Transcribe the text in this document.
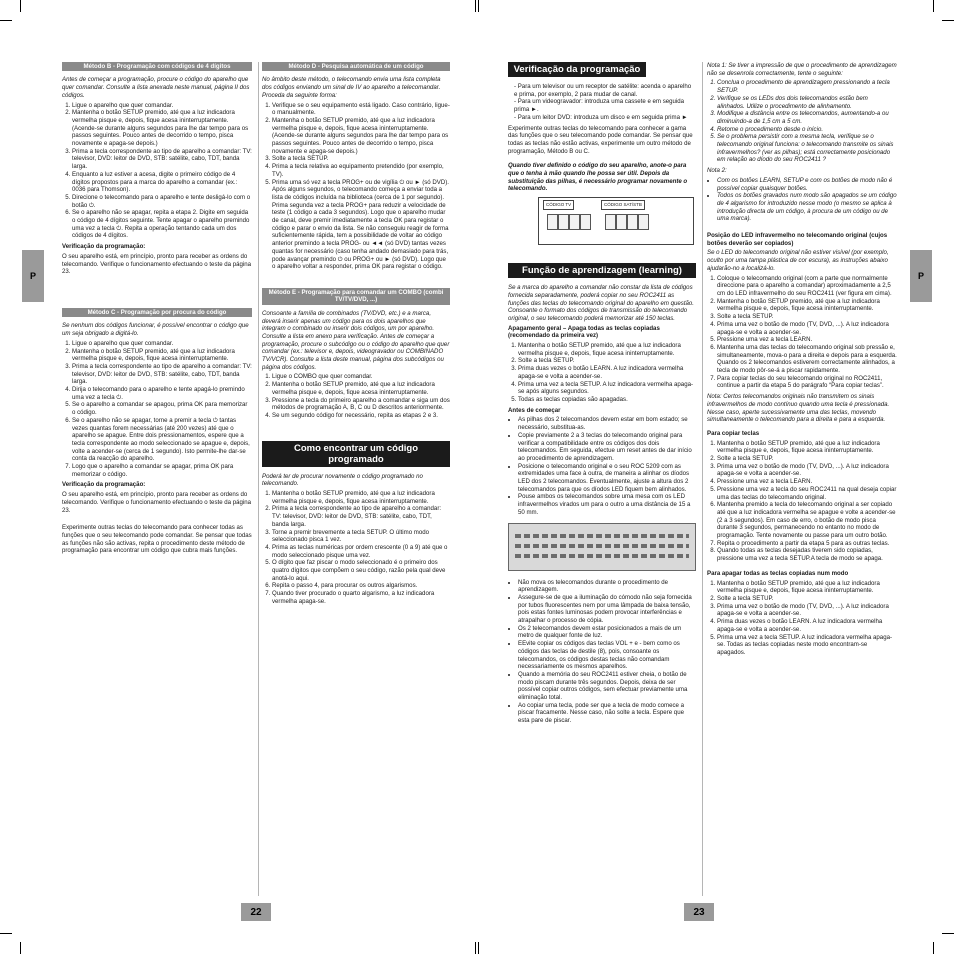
P	P
Método B - Programação com códigos de 4 dígitos

Antes de começar a programação, procure o código do aparelho que quer comandar. Consulte a lista anexada neste manual, página II dos códigos.

1. Ligue o aparelho que quer comandar.
2. Mantenha o botão SETUP premido, até que a luz indicadora vermelha pisque e, depois, fique acesa ininterruptamente. (Acende-se durante alguns segundos para lhe dar tempo para os passos seguintes. Pouco antes de decorrido o tempo, pisca novamente e apaga-se depois.)
3. Prima a tecla correspondente ao tipo de aparelho a comandar: TV: televisor, DVD: leitor de DVD, STB: satélite, cabo, TDT, banda larga.
4. Enquanto a luz estiver a acesa, digite o primeiro código de 4 dígitos propostos para a marca do aparelho a comandar (ex.: 0036 para Thomson).
5. Direcione o telecomando para o aparelho e tente desligá-lo com o botão ⏻.
6. Se o aparelho não se apagar, repita a etapa 2. Digite em seguida o código de 4 dígitos seguinte. Tente apagar o aparelho premindo uma vez a tecla ⏻. Repita a operação tentando cada um dos códigos de 4 dígitos.

Verificação da programação:

O seu aparelho está, em princípio, pronto para receber as ordens do telecomando. Verifique o funcionamento efectuando o teste da página 23.

Método C - Programação por procura do código

Se nenhum dos códigos funcionar, é possível encontrar o código que um seja obrigado a digitá-lo.

1. Ligue o aparelho que quer comandar.
2. Mantenha o botão SETUP premido, até que a luz indicadora vermelha pisque e, depois, fique acesa ininterruptamente.
3. Prima a tecla correspondente ao tipo de aparelho a comandar: TV: televisor, DVD: leitor de DVD, STB: satélite, cabo, TDT, banda larga.
4. Dirija o telecomando para o aparelho e tente apagá-lo premindo uma vez a tecla ⏻.
5. Se o aparelho a comandar se apagou, prima OK para memorizar o código.
6. Se o aparelho não se apagar, torne a premir a tecla ⏻ tantas vezes quantas forem necessárias (até 200 vezes) até que o aparelho se apague. Entre dois pressionamentos, espere que a tecla correspondente ao modo seleccionado se apague e, depois, volte a acender-se (cerca de 1 segundo). Isto permite-lhe dar-se conta da reacção do aparelho.
7. Logo que o aparelho a comandar se apagar, prima OK para memorizar o código.

Verificação da programação:

O seu aparelho está, em princípio, pronto para receber as ordens do telecomando. Verifique o funcionamento efectuando o teste da página 23.

Experimente outras teclas do telecomando para conhecer todas as funções que o seu telecomando pode comandar. Se pensar que todas as funções não são activas, repita o procedimento deste método de programação para encontrar um código que cubra mais funções.

Método D - Pesquisa automática de um código

No âmbito deste método, o telecomando envia uma lista completa dos códigos enviando um sinal de IV ao aparelho a telecomandar. Proceda da seguinte forma:

1. Verifique se o seu equipamento está ligado. Caso contrário, ligue-o manualmente.
2. Mantenha o botão SETUP premido, até que a luz indicadora vermelha pisque e, depois, fique acesa ininterruptamente. (Acende-se durante alguns segundos para lhe dar tempo para os passos seguintes. Pouco antes de decorrido o tempo, pisca novamente e apaga-se depois.)
3. Solte a tecla SETUP.
4. Prima a tecla relativa ao equipamento pretendido (por exemplo, TV).
5. Prima uma só vez a tecla PROG+ ou de vigília ⏻ ou ► (só DVD). Após alguns segundos, o telecomando começa a enviar toda a lista de códigos incluída na biblioteca (cerca de 1 por segundo). Prima segunda vez a tecla PROG+ para reduzir a velocidade de teste (1 código a cada 3 segundos). Logo que o aparelho mudar de canal, deve premir imediatamente a tecla OK para registar o código e parar o envio da lista. Se não conseguiu reagir de forma suficientemente rápida, tem a possibilidade de voltar ao código anterior premindo a tecla PROG- ou ◄◄ (só DVD) tantas vezes quantas for necessário (caso tenha andado demasiado para trás, pode avançar premindo ⏻ ou PROG+ ou ► (só DVD). Logo que o aparelho voltar a responder, prima OK para registar o código.
Método E - Programação para comandar um COMBO (combi TV/TV/DVD, ...)

Consoante a família de combinados (TV/DVD, etc.) e a marca, deverá inserir apenas um código para os dois aparelhos que integram o combinado ou inserir dois códigos, um por aparelho. Consulte a lista em anexo para verificação. Antes de começar a programação, procure o subcódigo ou o código do aparelho que quer comandar (ex.: televisor e, depois, videogravador ou COMBINADO TV/VCR). Consulte a lista deste manual, página dos subcódigos ou página dos códigos.

1. Ligue o COMBO que quer comandar.
2. Mantenha o botão SETUP premido, até que a luz indicadora vermelha pisque e, depois, fique acesa ininterruptamente.
3. Pressione a tecla do primeiro aparelho a comandar e siga um dos métodos de programação A, B, C ou D descritos anteriormente.
4. Se um segundo código for necessário, repita as etapas 2 e 3.
Como encontrar um código programado

Poderá ter de procurar novamente o código programado no telecomando.

1. Mantenha o botão SETUP premido, até que a luz indicadora vermelha pisque e, depois, fique acesa ininterruptamente.
2. Prima a tecla correspondente ao tipo de aparelho a comandar: TV: televisor, DVD: leitor de DVD, STB: satélite, cabo, TDT, banda larga.
3. Torne a premir brevemente a tecla SETUP. O último modo seleccionado pisca 1 vez.
4. Prima as teclas numéricas por ordem crescente (0 a 9) até que o modo seleccionado pisque uma vez.
5. O dígito que faz piscar o modo seleccionado é o primeiro dos quatro dígitos que compõem o seu código, razão pela qual deve anotá-lo aqui.
6. Repita o passo 4, para procurar os outros algarismos.
7. Quando tiver procurado o quarto algarismo, a luz indicadora vermelha apaga-se.
Verificação da programação
- Para um televisor ou um receptor de satélite: acenda o aparelho e prima, por exemplo, 2 para mudar de canal.
- Para um videogravador: introduza uma cassete e em seguida prima ►.
- Para um leitor DVD: introduza um disco e em seguida prima ►

Experimente outras teclas do telecomando para conhecer a gama das funções que o seu telecomando pode comandar. Se pensar que todas as teclas não estão activas, experimente um outro método de programação, Método B ou C.

Quando tiver definido o código do seu aparelho, anote-o para que o tenha à mão quando lhe possa ser útil. Depois da substituição das pilhas, é necessário programar novamente o telecomando.

CÓDIGO TV	CÓDIGO SAT/STB
Função de aprendizagem (learning)

Se a marca do aparelho a comandar não constar da lista de códigos fornecida separadamente, poderá copiar no seu ROC2411 as funções das teclas do telecomando original do aparelho em questão. Consoante o formato dos códigos de transmissão do telecomando original, o seu telecomando poderá memorizar até 150 teclas.

Apagamento geral – Apaga todas as teclas copiadas (recomendado da primeira vez)

1. Mantenha o botão SETUP premido, até que a luz indicadora vermelha pisque e, depois, fique acesa ininterruptamente.
2. Solte a tecla SETUP.
3. Prima duas vezes o botão LEARN. A luz indicadora vermelha apaga-se e volta a acender-se.
4. Prima uma vez a tecla SETUP. A luz indicadora vermelha apaga-se após alguns segundos.
5. Todas as teclas copiadas são apagadas.

Antes de começar

• As pilhas dos 2 telecomandos devem estar em bom estado; se necessário, substitua-as.
• Copie previamente 2 a 3 teclas do telecomando original para verificar a compatibilidade entre os códigos dos dois telecomandos. Em seguida, efectue um reset antes de dar início ao procedimento de aprendizagem.
• Posicione o telecomando original e o seu ROC 5209 com as extremidades uma face à outra, de maneira a alinhar os díodos LED dos 2 telecomandos. Eventualmente, ajuste a altura dos 2 telecomandos para que os díodos LED fiquem bem alinhados.
• Pouse ambos os telecomandos sobre uma mesa com os LED infravermelhos virados um para o outro a uma distância de 15 a 50 mm.
• Não mova os telecomandos durante o procedimento de aprendizagem.
• Assegure-se de que a iluminação do cómodo não seja fornecida por tubos fluorescentes nem por uma lâmpada de baixa tensão, pois estas fontes luminosas podem provocar interferências e atrapalhar o processo de cópia.
• Os 2 telecomandos devem estar posicionados a mais de um metro de qualquer fonte de luz.
• EEvite copiar os códigos das teclas VOL + e - bem como os códigos das teclas de destile (8), pois, consoante os telecomandos, os códigos destas teclas não comandam necessariamente os mesmos aparelhos.
• Quando a memória do seu ROC2411 estiver cheia, o botão de modo piscam durante três segundos. Depois, deixa de ser possível copiar outros códigos, sem efectuar previamente uma eliminação total.
• Ao copiar uma tecla, pode ser que a tecla de modo comece a piscar fracamente. Nesse caso, não solte a tecla. Espere que esta pare de piscar.

Nota 1: Se tiver a impressão de que o procedimento de aprendizagem não se desenrola correctamente, tente o seguinte:

1. Conclua o procedimento de aprendizagem pressionando a tecla SETUP.
2. Verifique se os LEDs dos dois telecomandos estão bem alinhados. Utilize o procedimento de alinhamento.
3. Modifique a distância entre os telecomandos, aumentando-a ou diminuindo-a de 1,5 cm a 5 cm.
4. Retome o procedimento desde o início.
5. Se o problema persistir com a mesma tecla, verifique se o telecomando original funciona: o telecomando transmite os sinais infravermelhos? (ver as pilhas); está correctamente posicionado em relação ao díodo do seu ROC2411 ?

Nota 2:

• Com os botões LEARN, SETUP e com os botões de modo não é possível copiar quaisquer botões.
• Todos os botões gravados num modo são apagados se um código de 4 algarismo for introduzido nesse modo (o mesmo se aplica à introdução directa de um código, à procura de um código ou de uma marca).

Posição do LED infravermelho no telecomando original (cujos botões deverão ser copiados)

Se o LED do telecomando original não estiver visível (por exemplo, oculto por uma tampa plástica de cor escura), as instruções abaixo ajudarão-no a localizá-lo.

1. Coloque o telecomando original (com a parte que normalmente direccione para o aparelho a comandar) aproximadamente a 2,5 cm do LED infravermelho do seu ROC2411 (ver figura em cima).
2. Mantenha o botão SETUP premido, até que a luz indicadora vermelha pisque e, depois, fique acesa ininterruptamente.
3. Solte a tecla SETUP.
4. Prima uma vez o botão de modo (TV, DVD, ...). A luz indicadora apaga-se e volta a acender-se.
5. Pressione uma vez a tecla LEARN.
6. Mantenha uma das teclas do telecomando original sob pressão e, simultaneamente, mova-o para a direita e depois para a esquerda. Quando os 2 telecomandos estiverem correctamente alinhados, a tecla de modo pôr-se-á a piscar rapidamente.
7. Para copiar teclas do seu telecomando original no ROC2411, continue a partir da etapa 5 do parágrafo “Para copiar teclas”.

Nota: Certos telecomandos originais não transmitem os sinais infravermelhos de modo contínuo quando uma tecla é pressionada. Nesse caso, aperte sucessivamente uma das teclas, movendo simultaneamente o telecomando para a direita e para a esquerda.

Para copiar teclas

1. Mantenha o botão SETUP premido, até que a luz indicadora vermelha pisque e, depois, fique acesa ininterruptamente.
2. Solte a tecla SETUP.
3. Prima uma vez o botão de modo (TV, DVD, ...). A luz indicadora apaga-se e volta a acender-se.
4. Pressione uma vez a tecla LEARN.
5. Pressione uma vez a tecla do seu ROC2411 na qual deseja copiar uma das teclas do telecomando original.
6. Mantenha premido a tecla do telecomando original a ser copiado até que a luz indicadora vermelha se apague e volte a acender-se (2 a 3 segundos). Em caso de erro, o botão de modo pisca durante 3 segundos, permanecendo no entanto no modo de programação. Tente novamente ou passe para um outro botão.
7. Repita o procedimento a partir da etapa 5 para as outras teclas.
8. Quando todas as teclas desejadas tiverem sido copiadas, pressione uma vez a tecla SETUP.A tecla de modo se apaga.

Para apagar todas as teclas copiadas num modo

1. Mantenha o botão SETUP premido, até que a luz indicadora vermelha pisque e, depois, fique acesa ininterruptamente.
2. Solte a tecla SETUP.
3. Prima uma vez o botão de modo (TV, DVD, ...). A luz indicadora apaga-se e volta a acender-se.
4. Prima duas vezes o botão LEARN. A luz indicadora vermelha apaga-se e volta a acender-se.
5. Prima uma vez a tecla SETUP. A luz indicadora vermelha apaga-se. Todas as teclas copiadas neste modo encontram-se apagados.
22	23
